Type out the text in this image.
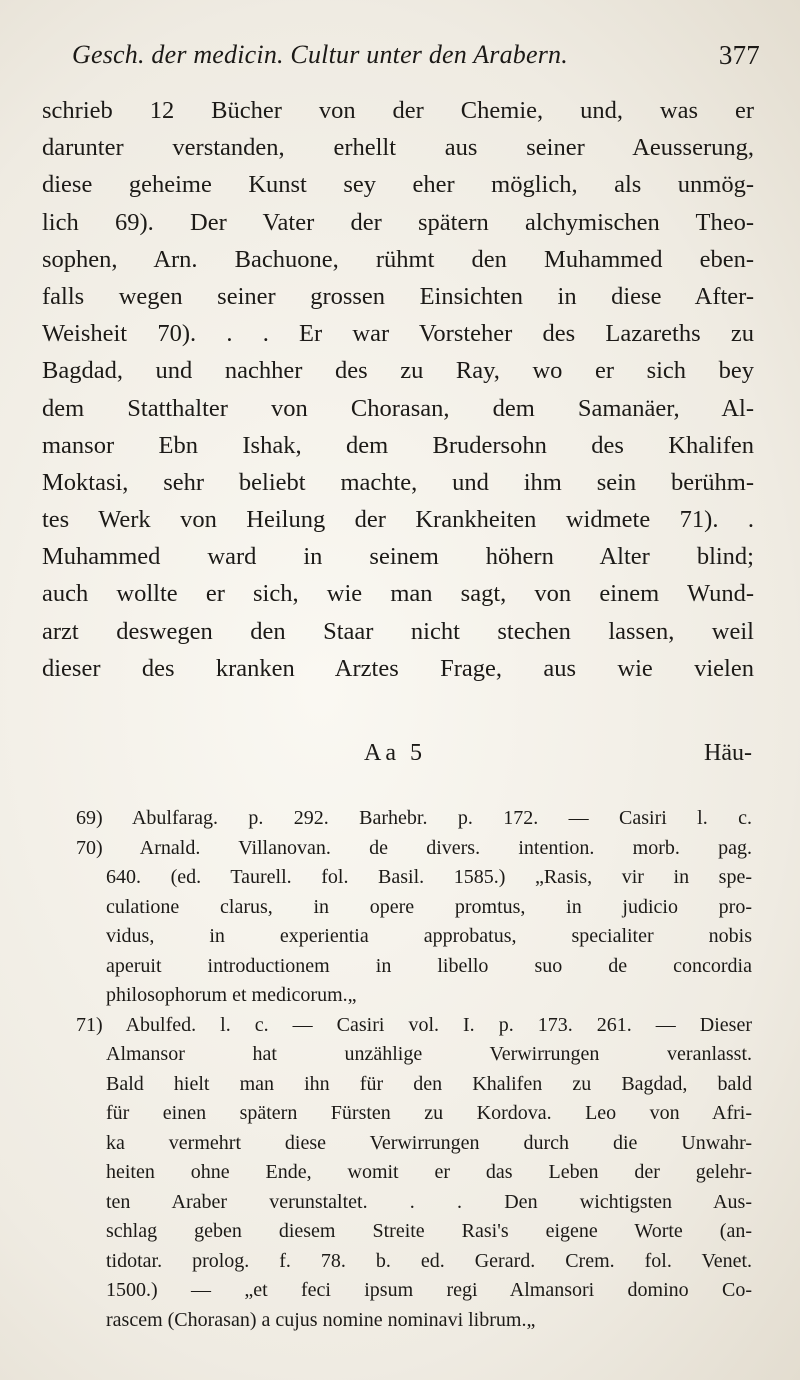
Gesch. der medicin. Cultur unter den Arabern.	377
schrieb 12 Bücher von der Chemie, und, was er
darunter verstanden, erhellt aus seiner Aeusserung,
diese geheime Kunst sey eher möglich, als unmög-
lich 69). Der Vater der spätern alchymischen Theo-
sophen, Arn. Bachuone, rühmt den Muhammed eben-
falls wegen seiner grossen Einsichten in diese After-
Weisheit 70). . . Er war Vorsteher des Lazareths zu
Bagdad, und nachher des zu Ray, wo er sich bey
dem Statthalter von Chorasan, dem Samanäer, Al-
mansor Ebn Ishak, dem Brudersohn des Khalifen
Moktasi, sehr beliebt machte, und ihm sein berühm-
tes Werk von Heilung der Krankheiten widmete 71). .
Muhammed ward in seinem höhern Alter blind;
auch wollte er sich, wie man sagt, von einem Wund-
arzt deswegen den Staar nicht stechen lassen, weil
dieser des kranken Arztes Frage, aus wie vielen
Aa 5	Häu-
69) Abulfarag. p. 292. Barhebr. p. 172. — Casiri l. c.
70) Arnald. Villanovan. de divers. intention. morb. pag.
640. (ed. Taurell. fol. Basil. 1585.) „Rasis, vir in spe-
culatione clarus, in opere promtus, in judicio pro-
vidus, in experientia approbatus, specialiter nobis
aperuit introductionem in libello suo de concordia
philosophorum et medicorum.„
71) Abulfed. l. c. — Casiri vol. I. p. 173. 261. — Dieser
Almansor hat unzählige Verwirrungen veranlasst.
Bald hielt man ihn für den Khalifen zu Bagdad, bald
für einen spätern Fürsten zu Kordova. Leo von Afri-
ka vermehrt diese Verwirrungen durch die Unwahr-
heiten ohne Ende, womit er das Leben der gelehr-
ten Araber verunstaltet. . . Den wichtigsten Aus-
schlag geben diesem Streite Rasi's eigene Worte (an-
tidotar. prolog. f. 78. b. ed. Gerard. Crem. fol. Venet.
1500.) — „et feci ipsum regi Almansori domino Co-
rascem (Chorasan) a cujus nomine nominavi librum.„
